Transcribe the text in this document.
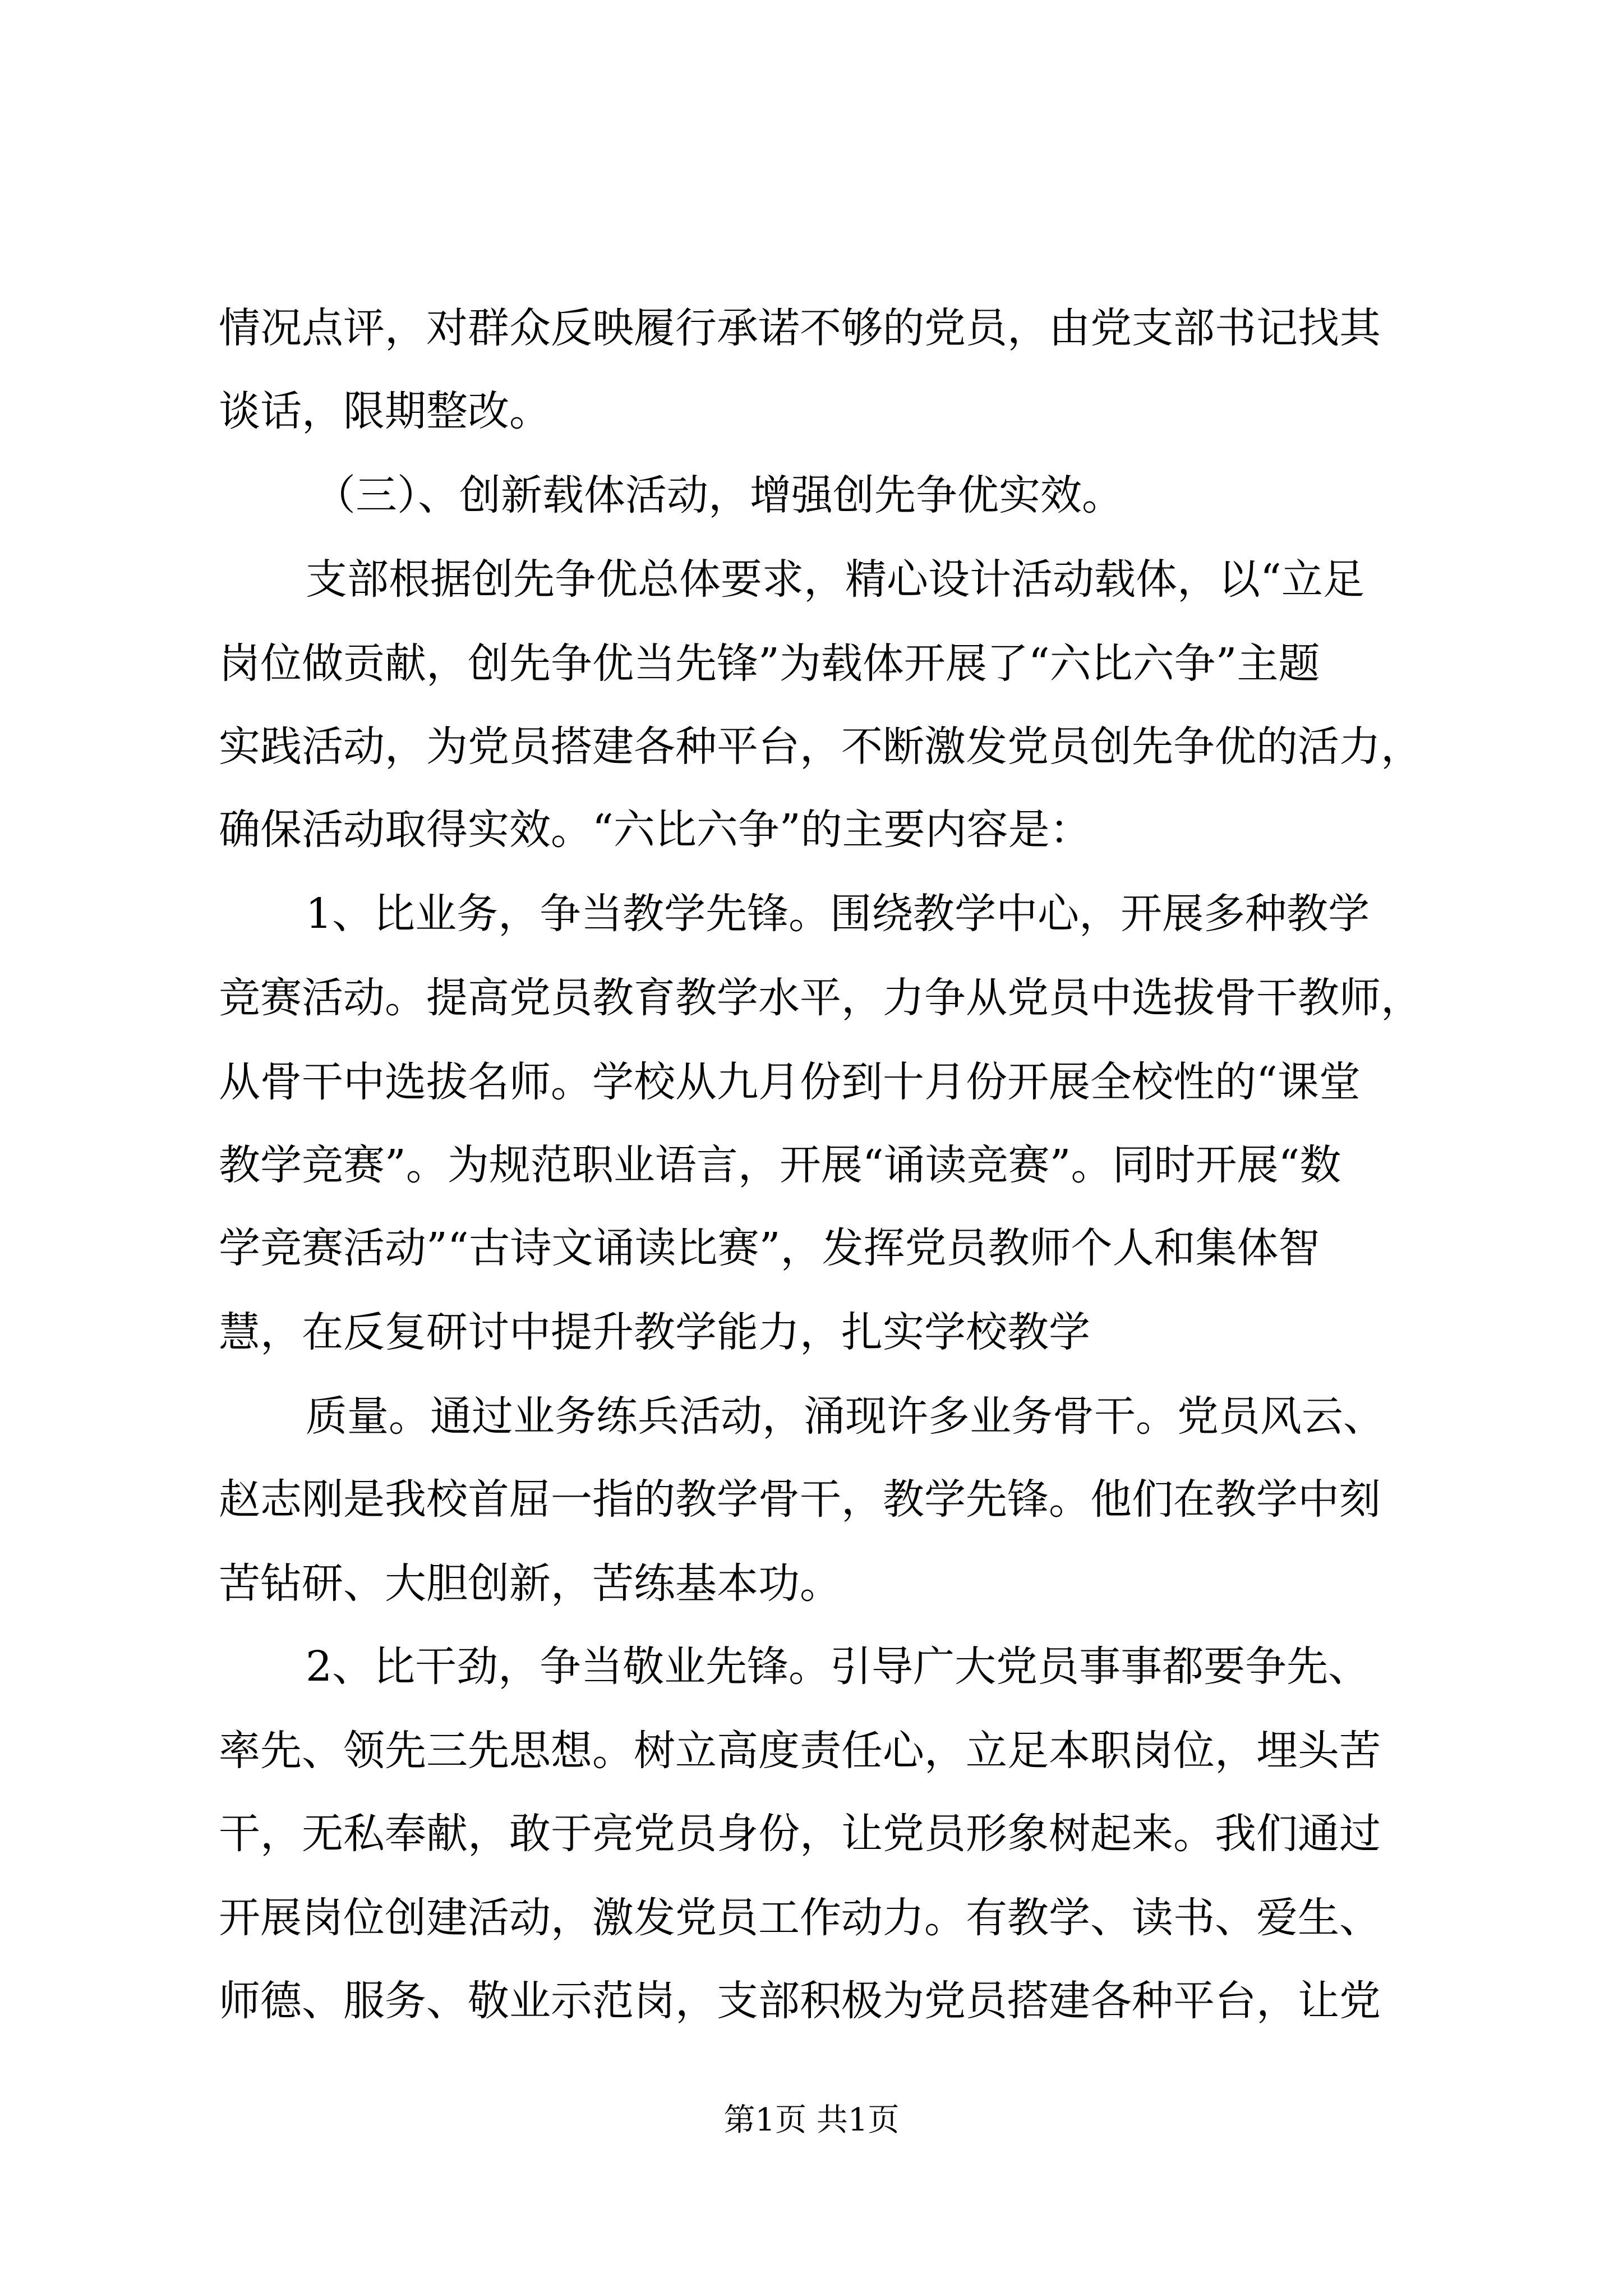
情况点评，对群众反映履行承诺不够的党员，由党支部书记找其
谈话，限期整改。
（三）、创新载体活动，增强创先争优实效。
支部根据创先争优总体要求，精心设计活动载体，以“立足
岗位做贡献，创先争优当先锋”为载体开展了“六比六争”主题
实践活动，为党员搭建各种平台，不断激发党员创先争优的活力，
确保活动取得实效。“六比六争”的主要内容是：
1、比业务，争当教学先锋。围绕教学中心，开展多种教学
竞赛活动。提高党员教育教学水平，力争从党员中选拔骨干教师，
从骨干中选拔名师。学校从九月份到十月份开展全校性的“课堂
教学竞赛”。为规范职业语言，开展“诵读竞赛”。同时开展“数
学竞赛活动”“古诗文诵读比赛”，发挥党员教师个人和集体智
慧，在反复研讨中提升教学能力，扎实学校教学
质量。通过业务练兵活动，涌现许多业务骨干。党员风云、
赵志刚是我校首屈一指的教学骨干，教学先锋。他们在教学中刻
苦钻研、大胆创新，苦练基本功。
2、比干劲，争当敬业先锋。引导广大党员事事都要争先、
率先、领先三先思想。树立高度责任心，立足本职岗位，埋头苦
干，无私奉献，敢于亮党员身份，让党员形象树起来。我们通过
开展岗位创建活动，激发党员工作动力。有教学、读书、爱生、
师德、服务、敬业示范岗，支部积极为党员搭建各种平台，让党
第1页 共1页
